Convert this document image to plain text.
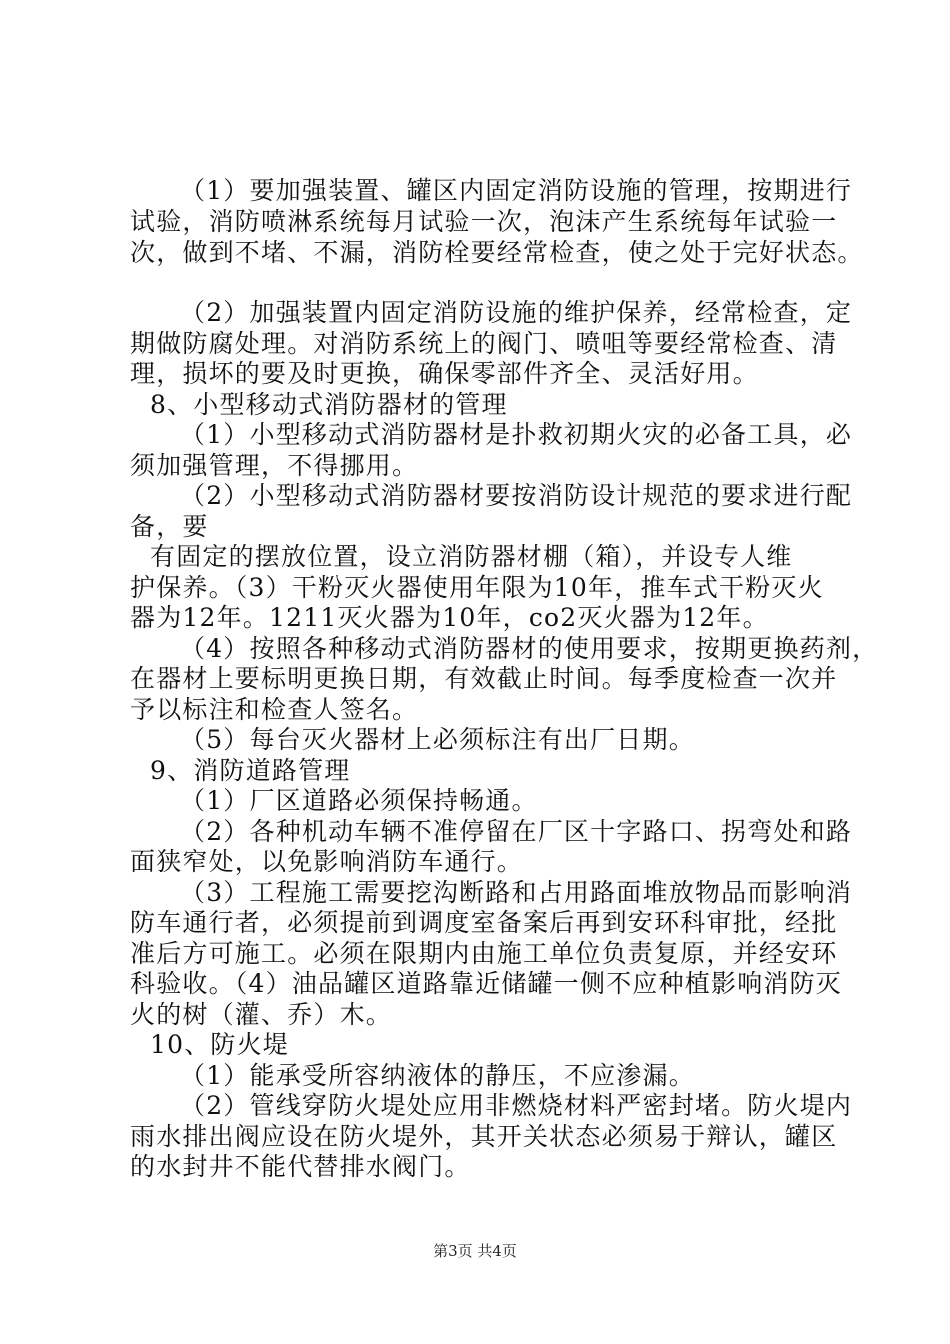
（1）要加强装置、罐区内固定消防设施的管理，按期进行
试验，消防喷淋系统每月试验一次，泡沫产生系统每年试验一
次，做到不堵、不漏，消防栓要经常检查，使之处于完好状态。
（2）加强装置内固定消防设施的维护保养，经常检查，定
期做防腐处理。对消防系统上的阀门、喷咀等要经常检查、清
理，损坏的要及时更换，确保零部件齐全、灵活好用。
8、小型移动式消防器材的管理
（1）小型移动式消防器材是扑救初期火灾的必备工具，必
须加强管理，不得挪用。
（2）小型移动式消防器材要按消防设计规范的要求进行配
备，要
有固定的摆放位置，设立消防器材棚（箱），并设专人维
护保养。（3）干粉灭火器使用年限为10年，推车式干粉灭火
器为12年。1211灭火器为10年，co2灭火器为12年。
（4）按照各种移动式消防器材的使用要求，按期更换药剂，
在器材上要标明更换日期，有效截止时间。每季度检查一次并
予以标注和检查人签名。
（5）每台灭火器材上必须标注有出厂日期。
9、消防道路管理
（1）厂区道路必须保持畅通。
（2）各种机动车辆不准停留在厂区十字路口、拐弯处和路
面狭窄处，以免影响消防车通行。
（3）工程施工需要挖沟断路和占用路面堆放物品而影响消
防车通行者，必须提前到调度室备案后再到安环科审批，经批
准后方可施工。必须在限期内由施工单位负责复原，并经安环
科验收。（4）油品罐区道路靠近储罐一侧不应种植影响消防灭
火的树（灌、乔）木。
10、防火堤
（1）能承受所容纳液体的静压，不应渗漏。
（2）管线穿防火堤处应用非燃烧材料严密封堵。防火堤内
雨水排出阀应设在防火堤外，其开关状态必须易于辩认，罐区
的水封井不能代替排水阀门。
第3页 共4页
